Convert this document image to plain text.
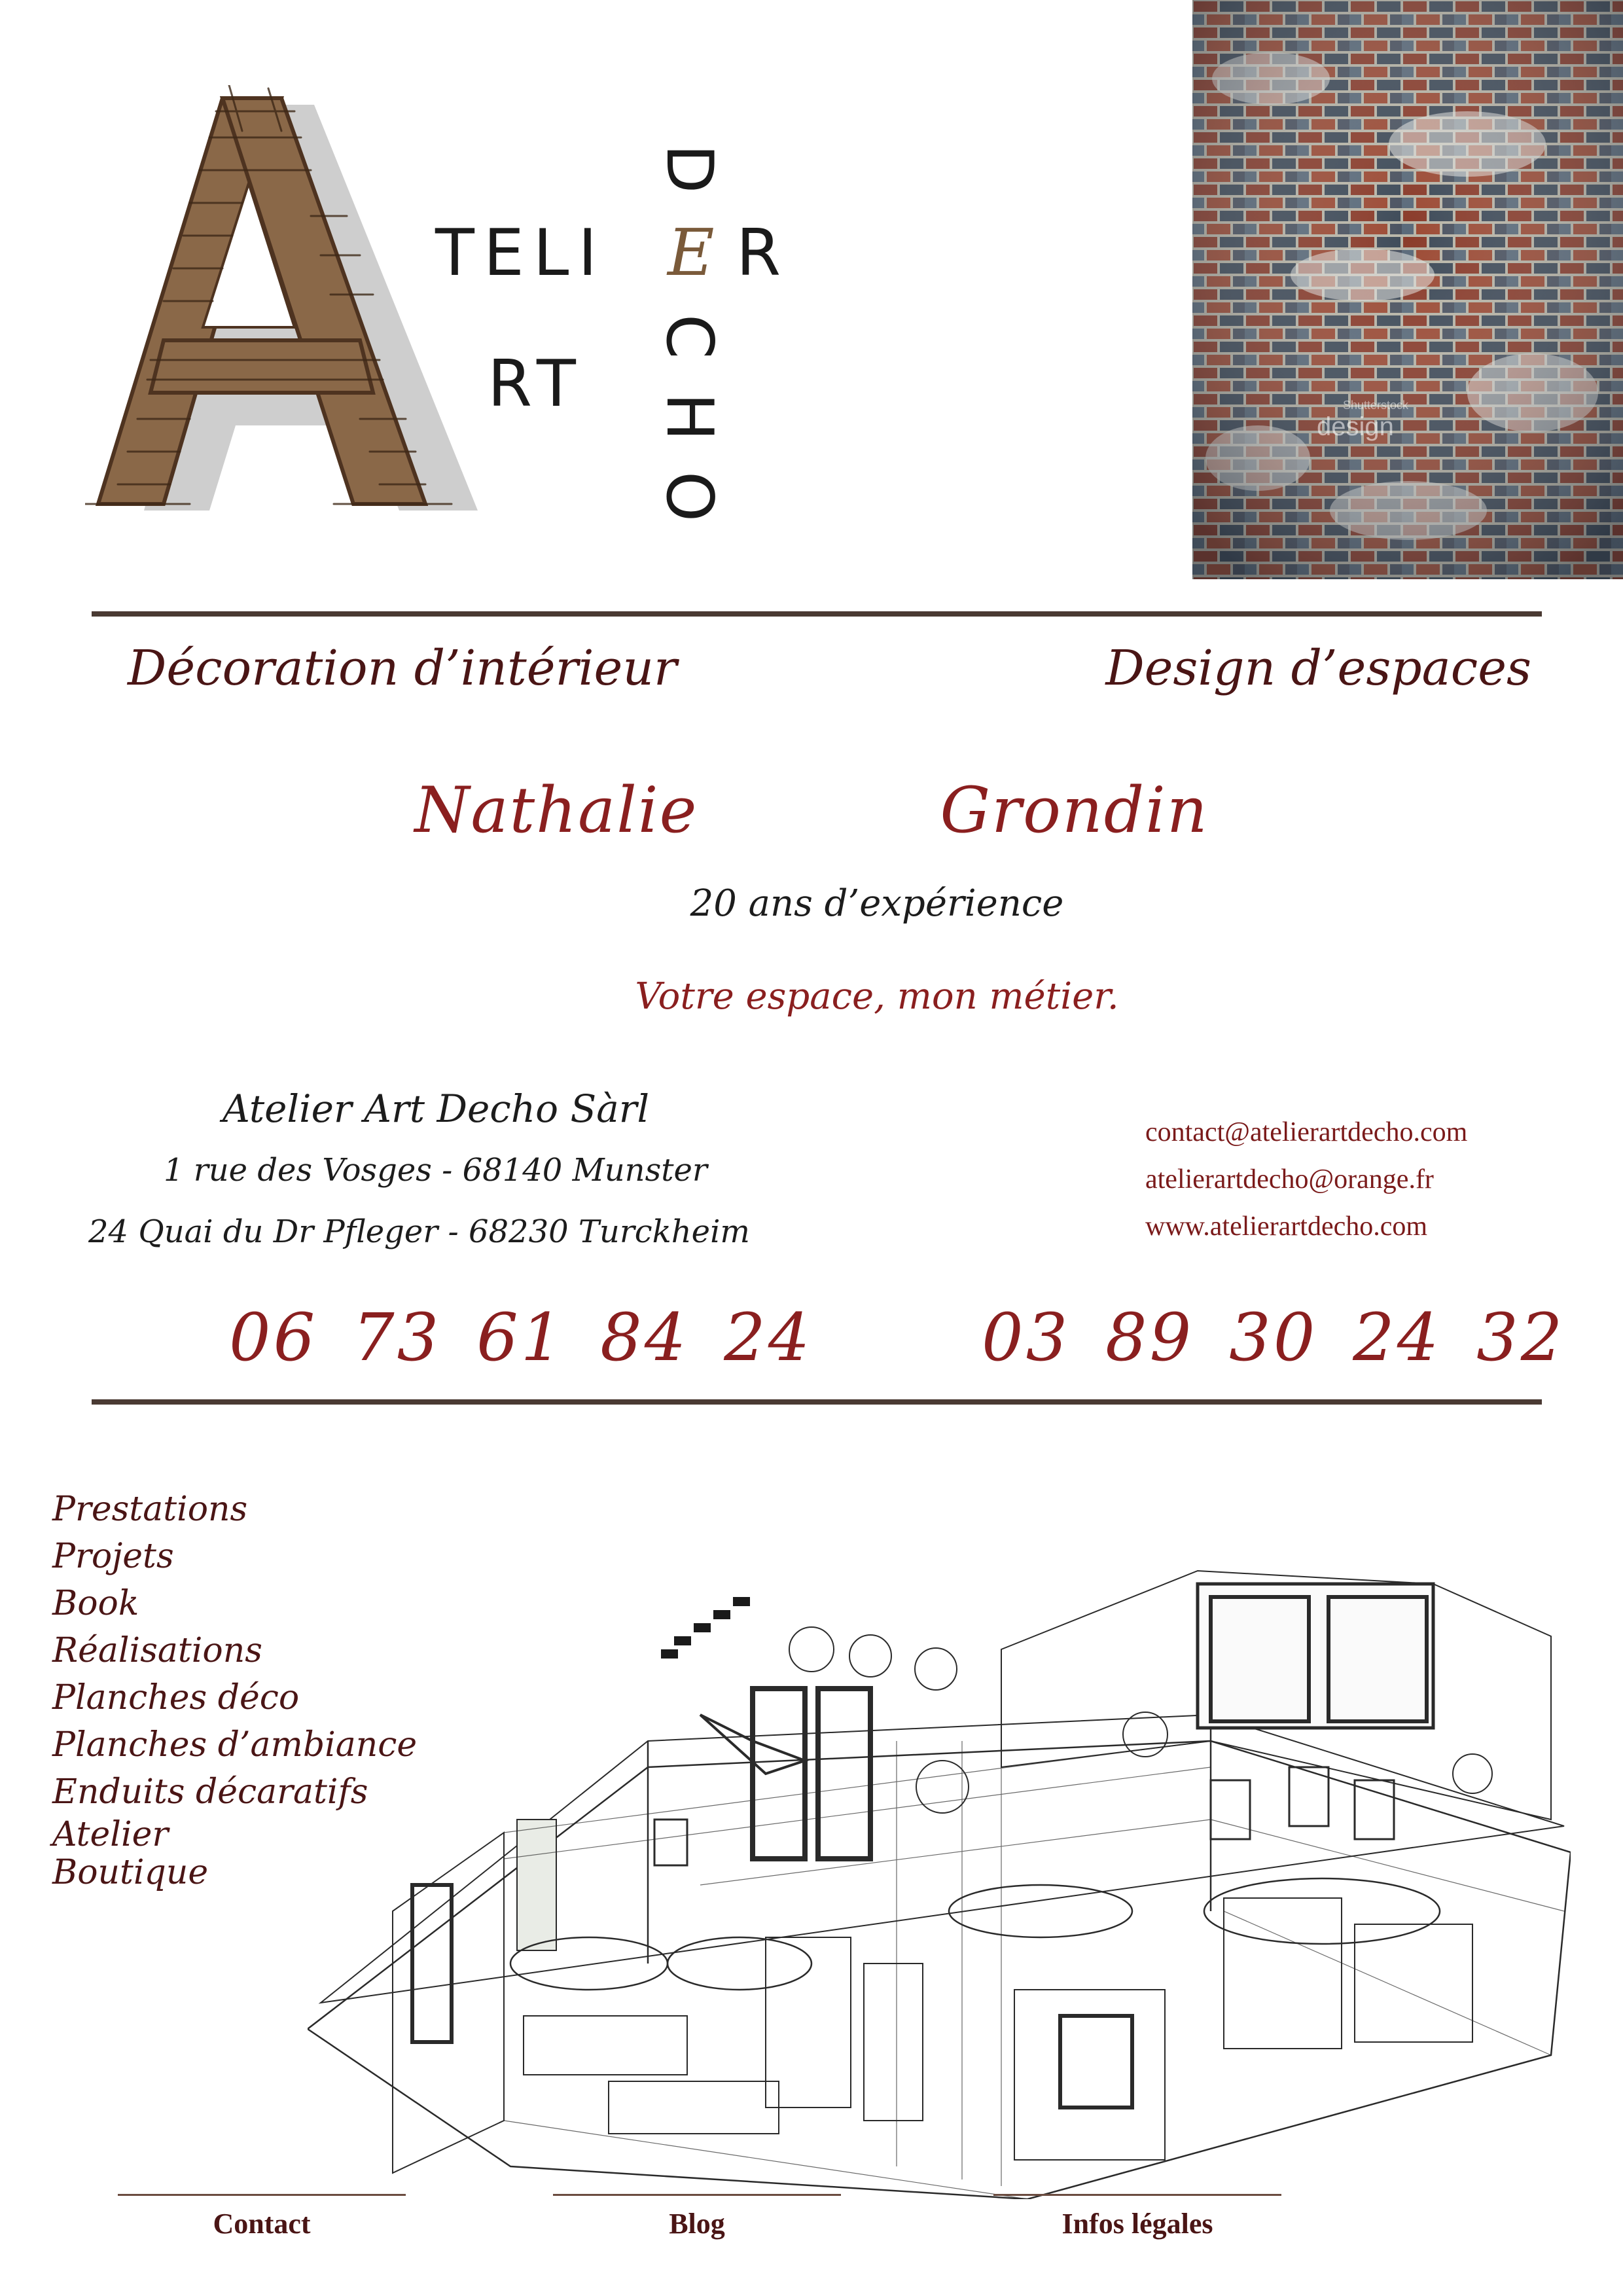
TELI E R
RT
D
C
H
O
design
Shutterstock
Décoration d’intérieur	Design d’espaces
Nathalie    Grondin
20 ans d’expérience
Votre espace, mon métier.
Atelier Art Decho Sàrl
1 rue des Vosges - 68140 Munster
24 Quai du Dr Pfleger - 68230 Turckheim
contact@atelierartdecho.com
atelierartdecho@orange.fr
www.atelierartdecho.com
06 73 61 84 24	03 89 30 24 32
Prestations
Projets
Book
Réalisations
Planches déco
Planches d’ambiance
Enduits décaratifs
Atelier
Boutique
Contact	Blog	Infos légales
